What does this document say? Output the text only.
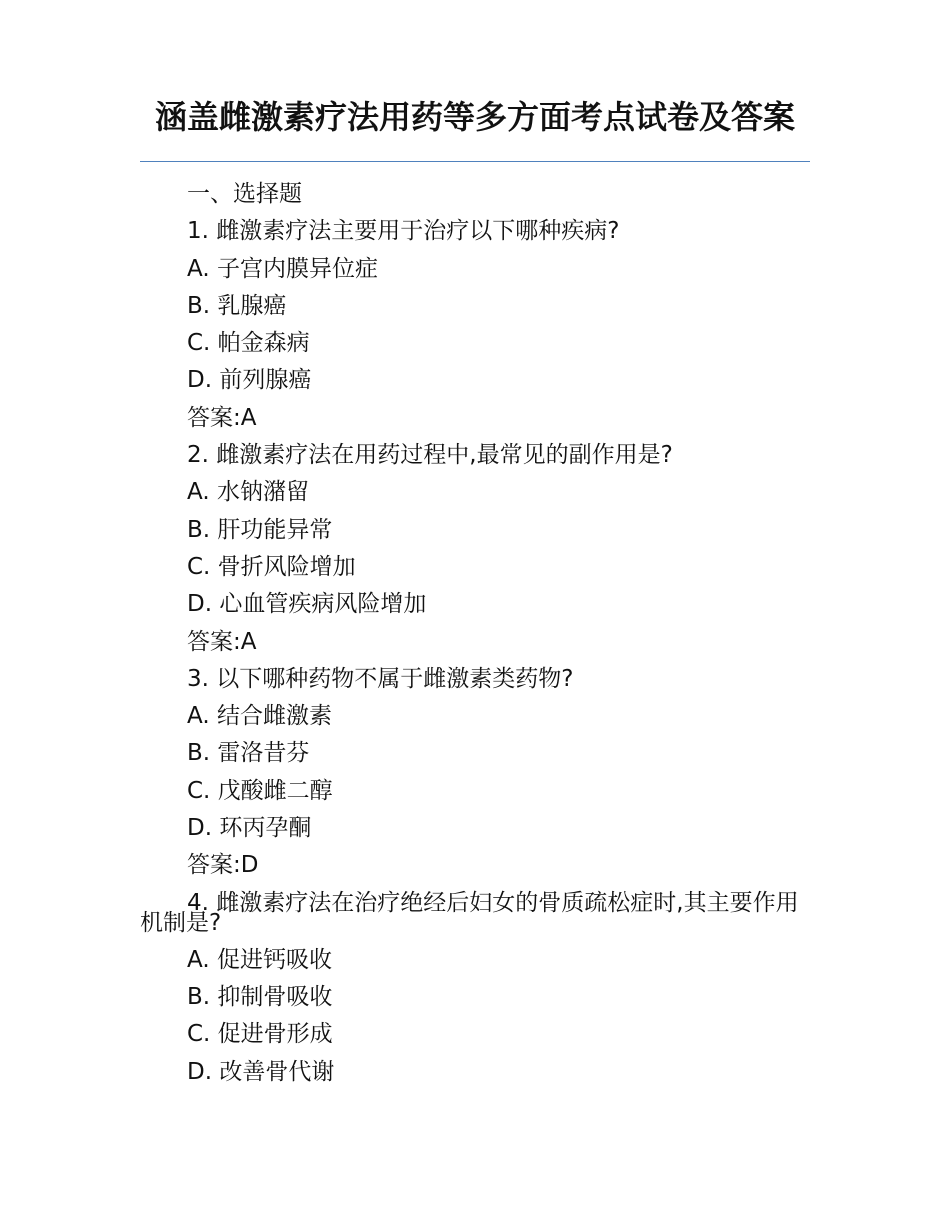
涵盖雌激素疗法用药等多方面考点试卷及答案
一、选择题
1. 雌激素疗法主要用于治疗以下哪种疾病?
A. 子宫内膜异位症
B. 乳腺癌
C. 帕金森病
D. 前列腺癌
答案:A
2. 雌激素疗法在用药过程中,最常见的副作用是?
A. 水钠潴留
B. 肝功能异常
C. 骨折风险增加
D. 心血管疾病风险增加
答案:A
3. 以下哪种药物不属于雌激素类药物?
A. 结合雌激素
B. 雷洛昔芬
C. 戊酸雌二醇
D. 环丙孕酮
答案:D
4. 雌激素疗法在治疗绝经后妇女的骨质疏松症时,其主要作用机制是?
A. 促进钙吸收
B. 抑制骨吸收
C. 促进骨形成
D. 改善骨代谢
